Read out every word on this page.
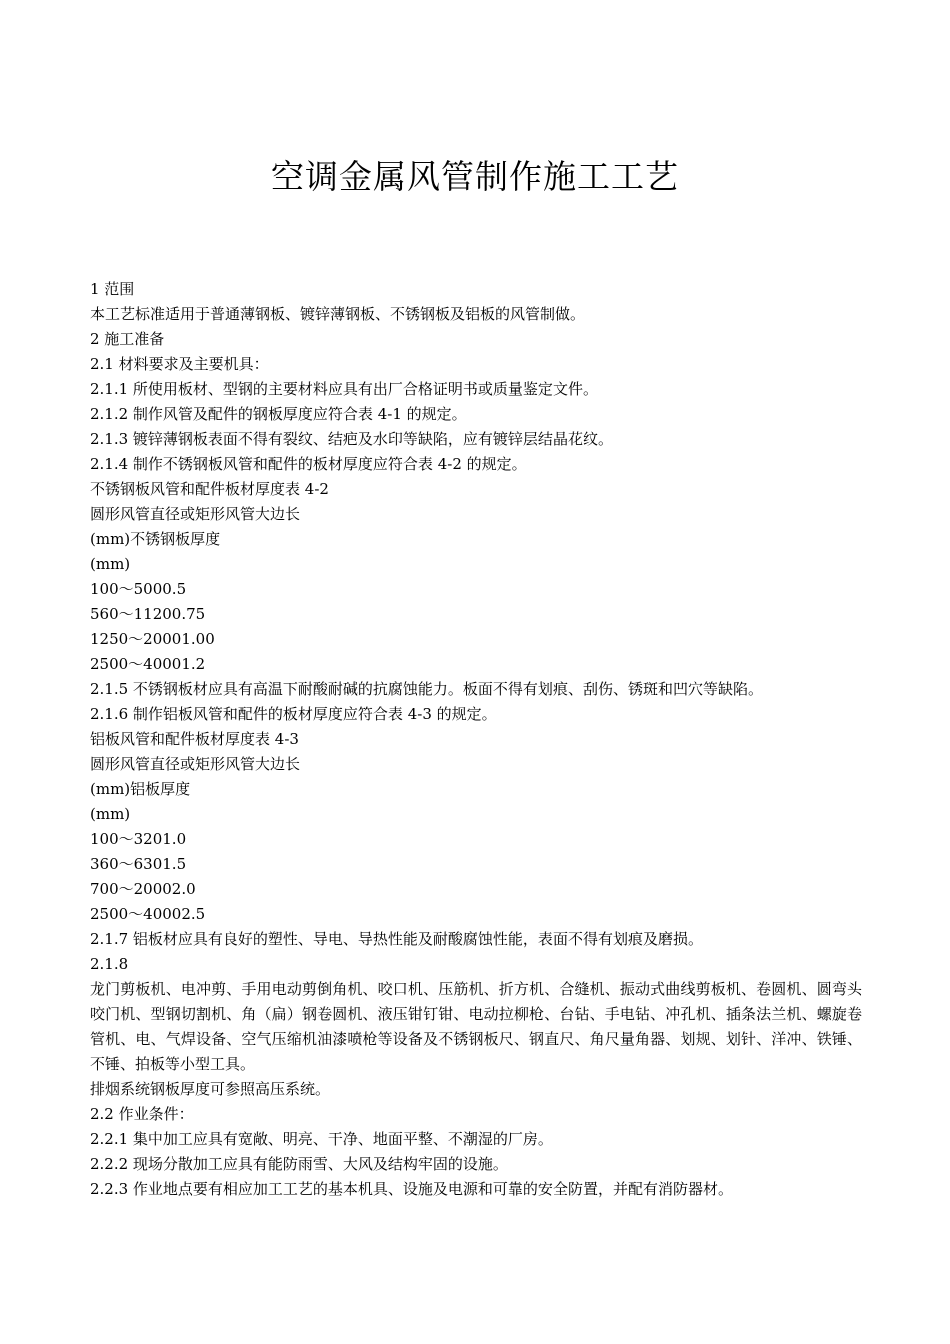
空调金属风管制作施工工艺
1 范围
本工艺标准适用于普通薄钢板、镀锌薄钢板、不锈钢板及铝板的风管制做。
2 施工准备
2.1 材料要求及主要机具：
2.1.1 所使用板材、型钢的主要材料应具有出厂合格证明书或质量鉴定文件。
2.1.2 制作风管及配件的钢板厚度应符合表 4-1 的规定。
2.1.3 镀锌薄钢板表面不得有裂纹、结疤及水印等缺陷，应有镀锌层结晶花纹。
2.1.4 制作不锈钢板风管和配件的板材厚度应符合表 4-2 的规定。
不锈钢板风管和配件板材厚度表 4-2
圆形风管直径或矩形风管大边长
(mm)不锈钢板厚度
(mm)
100～5000.5
560～11200.75
1250～20001.00
2500～40001.2
2.1.5 不锈钢板材应具有高温下耐酸耐碱的抗腐蚀能力。板面不得有划痕、刮伤、锈斑和凹穴等缺陷。
2.1.6 制作铝板风管和配件的板材厚度应符合表 4-3 的规定。
铝板风管和配件板材厚度表 4-3
圆形风管直径或矩形风管大边长
(mm)铝板厚度
(mm)
100～3201.0
360～6301.5
700～20002.0
2500～40002.5
2.1.7 铝板材应具有良好的塑性、导电、导热性能及耐酸腐蚀性能，表面不得有划痕及磨损。
2.1.8
龙门剪板机、电冲剪、手用电动剪倒角机、咬口机、压筋机、折方机、合缝机、振动式曲线剪板机、卷圆机、圆弯头咬门机、型钢切割机、角（扁）钢卷圆机、液压钳钉钳、电动拉柳枪、台钻、手电钻、冲孔机、插条法兰机、螺旋卷管机、电、气焊设备、空气压缩机油漆喷枪等设备及不锈钢板尺、钢直尺、角尺量角器、划规、划针、洋冲、铁锤、不锤、拍板等小型工具。
排烟系统钢板厚度可参照高压系统。
2.2 作业条件：
2.2.1 集中加工应具有宽敞、明亮、干净、地面平整、不潮湿的厂房。
2.2.2 现场分散加工应具有能防雨雪、大风及结构牢固的设施。
2.2.3 作业地点要有相应加工工艺的基本机具、设施及电源和可靠的安全防置，并配有消防器材。
